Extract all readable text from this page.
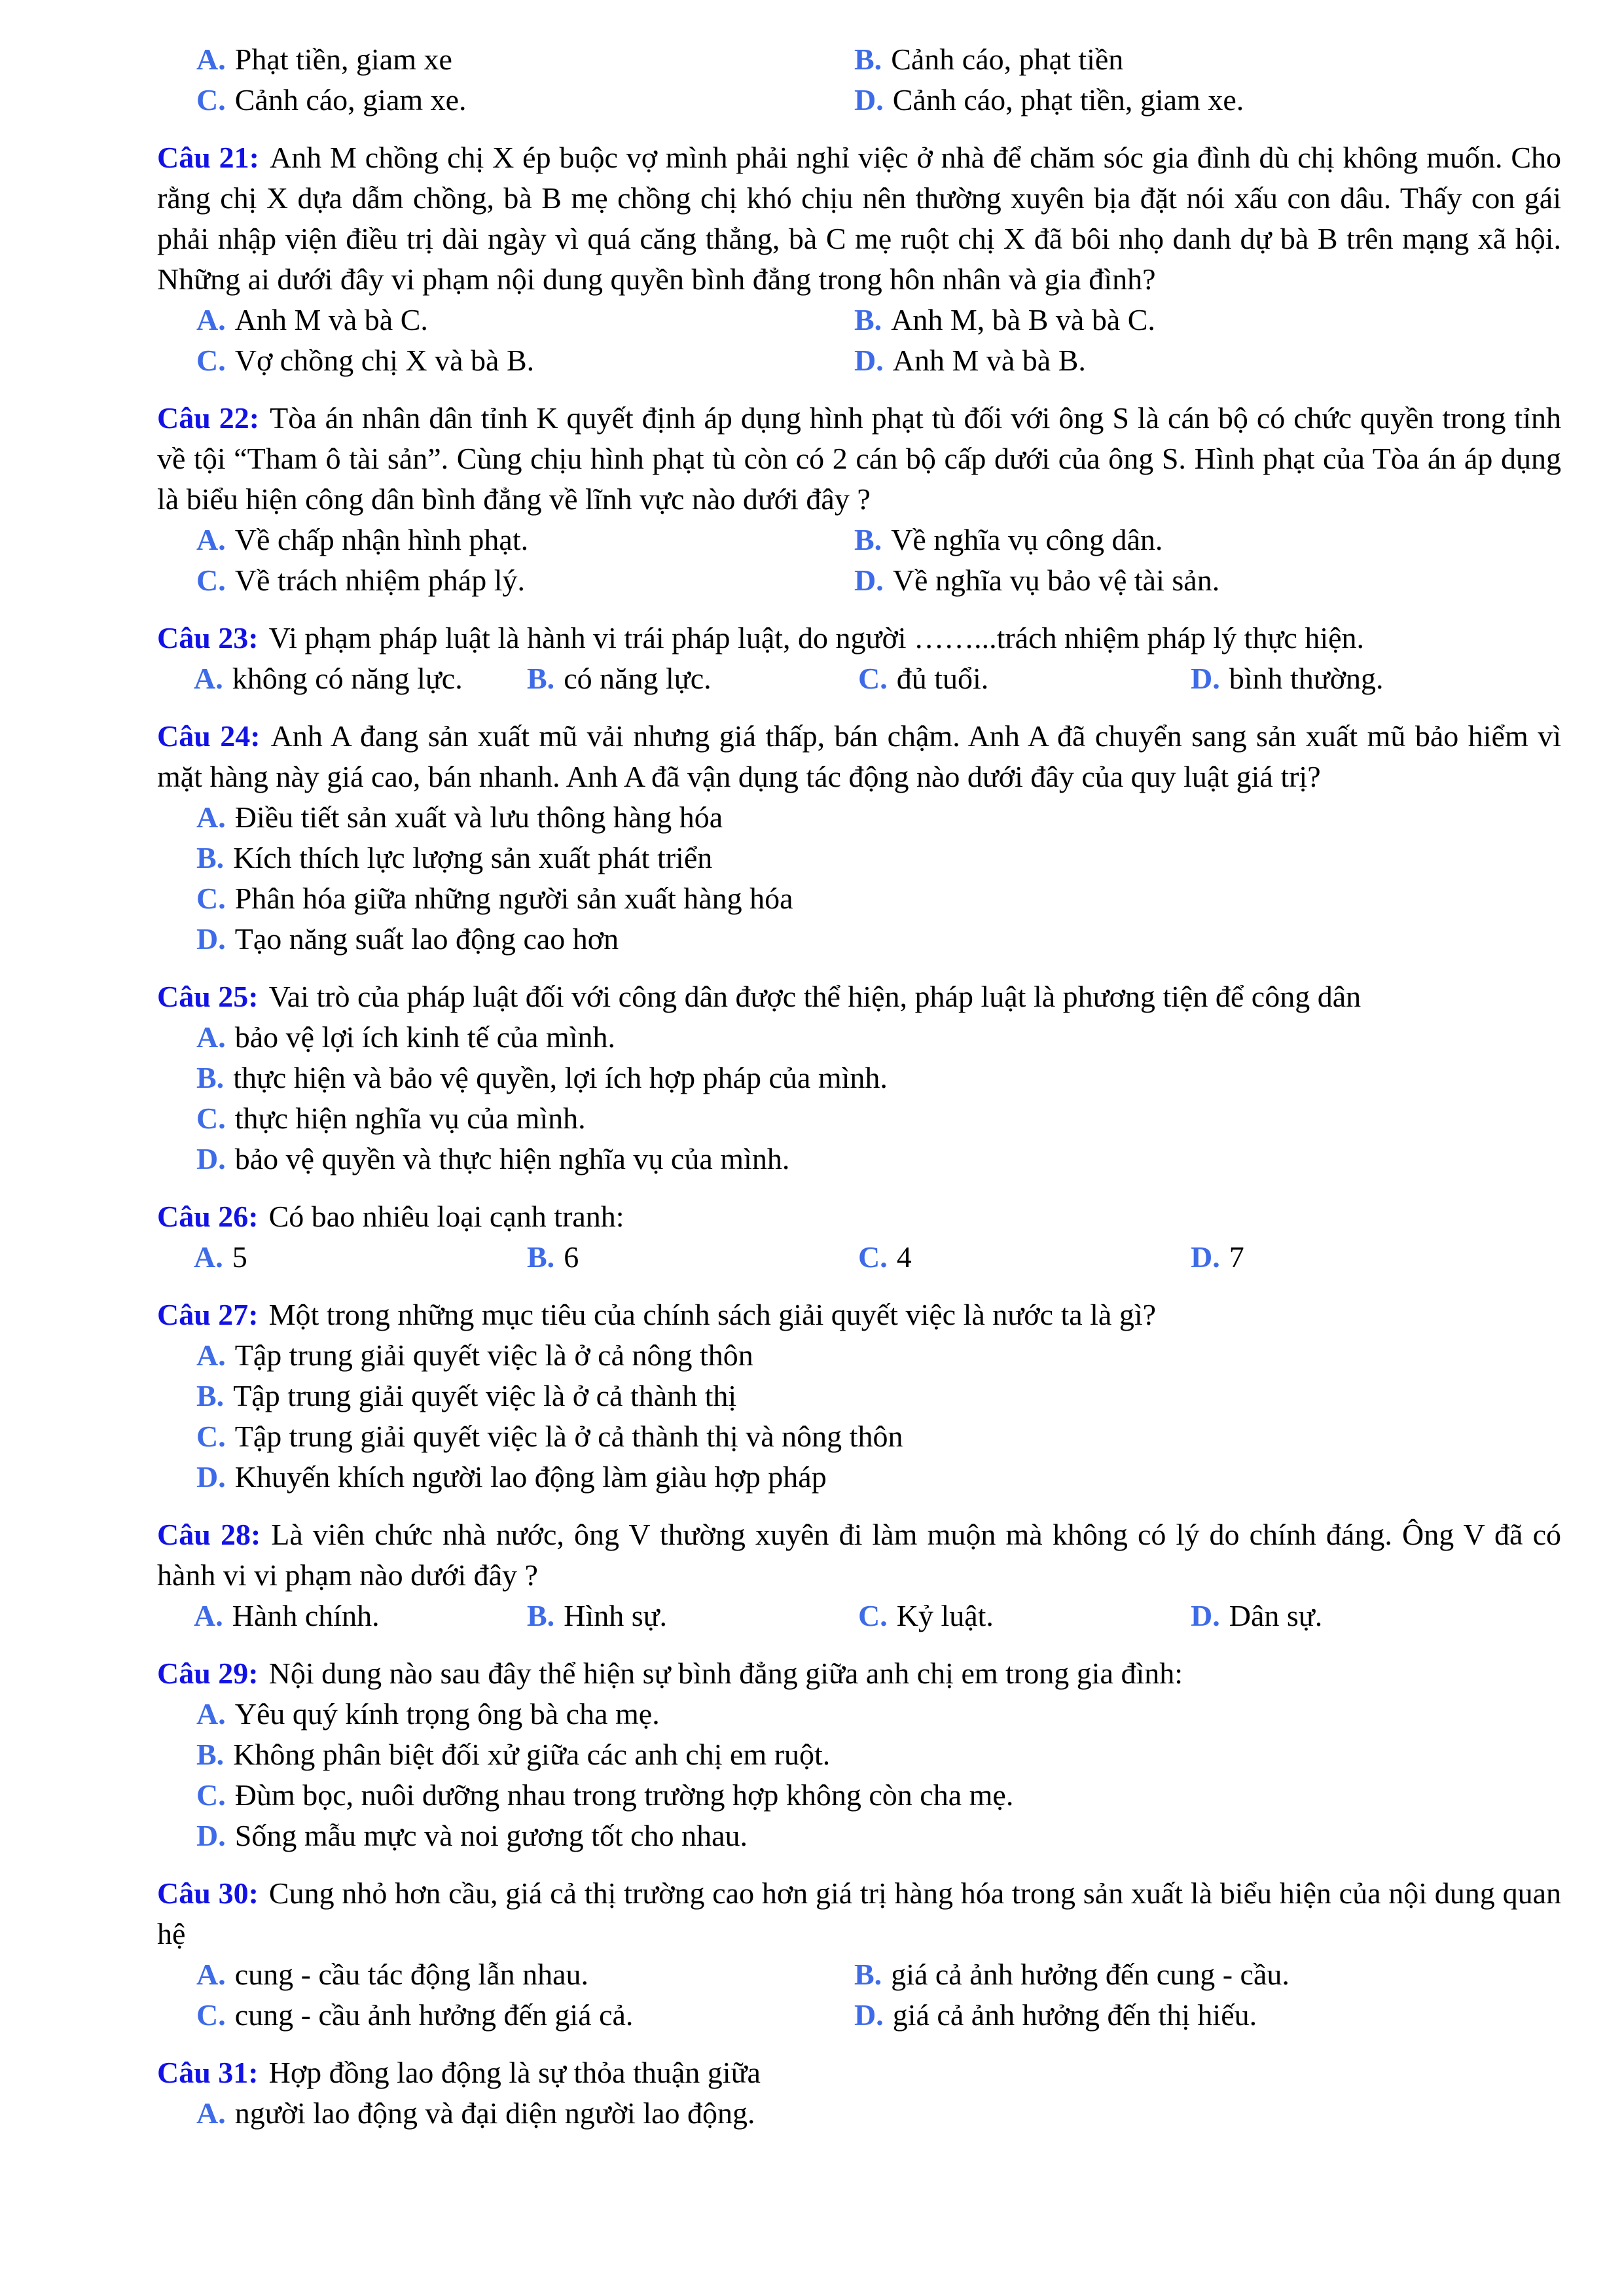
A. Phạt tiền, giam xe	B. Cảnh cáo, phạt tiền
C. Cảnh cáo, giam xe.	D. Cảnh cáo, phạt tiền, giam xe.

Câu 21: Anh M chồng chị X ép buộc vợ mình phải nghỉ việc ở nhà để chăm sóc gia đình dù chị không muốn. Cho rằng chị X dựa dẫm chồng, bà B mẹ chồng chị khó chịu nên thường xuyên bịa đặt nói xấu con dâu. Thấy con gái phải nhập viện điều trị dài ngày vì quá căng thẳng, bà C mẹ ruột chị X đã bôi nhọ danh dự bà B trên mạng xã hội. Những ai dưới đây vi phạm nội dung quyền bình đẳng trong hôn nhân và gia đình?

A. Anh M và bà C.	B. Anh M, bà B và bà C.
C. Vợ chồng chị X và bà B.	D. Anh M và bà B.

Câu 22: Tòa án nhân dân tỉnh K quyết định áp dụng hình phạt tù đối với ông S là cán bộ có chức quyền trong tỉnh về tội “Tham ô tài sản”. Cùng chịu hình phạt tù còn có 2 cán bộ cấp dưới của ông S. Hình phạt của Tòa án áp dụng là biểu hiện công dân bình đẳng về lĩnh vực nào dưới đây ?

A. Về chấp nhận hình phạt.	B. Về nghĩa vụ công dân.
C. Về trách nhiệm pháp lý.	D. Về nghĩa vụ bảo vệ tài sản.

Câu 23: Vi phạm pháp luật là hành vi trái pháp luật, do người ……...trách nhiệm pháp lý thực hiện.

A. không có năng lực.	B. có năng lực.	C. đủ tuổi.	D. bình thường.

Câu 24: Anh A đang sản xuất mũ vải nhưng giá thấp, bán chậm. Anh A đã chuyển sang sản xuất mũ bảo hiểm vì mặt hàng này giá cao, bán nhanh. Anh A đã vận dụng tác động nào dưới đây của quy luật giá trị?

A. Điều tiết sản xuất và lưu thông hàng hóa
B. Kích thích lực lượng sản xuất phát triển
C. Phân hóa giữa những người sản xuất hàng hóa
D. Tạo năng suất lao động cao hơn

Câu 25: Vai trò của pháp luật đối với công dân được thể hiện, pháp luật là phương tiện để công dân

A. bảo vệ lợi ích kinh tế của mình.
B. thực hiện và bảo vệ quyền, lợi ích hợp pháp của mình.
C. thực hiện nghĩa vụ của mình.
D. bảo vệ quyền và thực hiện nghĩa vụ của mình.

Câu 26: Có bao nhiêu loại cạnh tranh:

A. 5	B. 6	C. 4	D. 7

Câu 27: Một trong những mục tiêu của chính sách giải quyết việc là nước ta là gì?

A. Tập trung giải quyết việc là ở cả nông thôn
B. Tập trung giải quyết việc là ở cả thành thị
C. Tập trung giải quyết việc là ở cả thành thị và nông thôn
D. Khuyến khích người lao động làm giàu hợp pháp

Câu 28: Là viên chức nhà nước, ông V thường xuyên đi làm muộn mà không có lý do chính đáng. Ông V đã có hành vi vi phạm nào dưới đây ?

A. Hành chính.	B. Hình sự.	C. Kỷ luật.	D. Dân sự.

Câu 29: Nội dung nào sau đây thể hiện sự bình đẳng giữa anh chị em trong gia đình:

A. Yêu quý kính trọng ông bà cha mẹ.
B. Không phân biệt đối xử giữa các anh chị em ruột.
C. Đùm bọc, nuôi dưỡng nhau trong trường hợp không còn cha mẹ.
D. Sống mẫu mực và noi gương tốt cho nhau.

Câu 30: Cung nhỏ hơn cầu, giá cả thị trường cao hơn giá trị hàng hóa trong sản xuất là biểu hiện của nội dung quan hệ

A. cung - cầu tác động lẫn nhau.	B. giá cả ảnh hưởng đến cung - cầu.
C. cung - cầu ảnh hưởng đến giá cả.	D. giá cả ảnh hưởng đến thị hiếu.

Câu 31: Hợp đồng lao động là sự thỏa thuận giữa

A. người lao động và đại diện người lao động.
